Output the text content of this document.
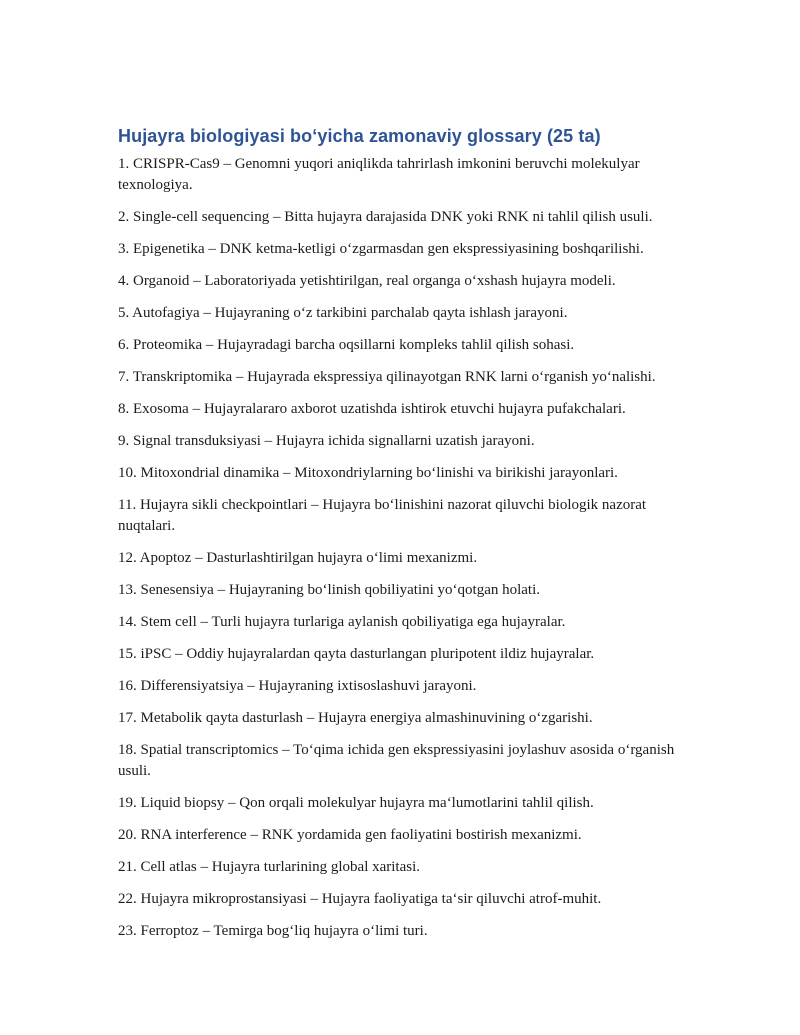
Hujayra biologiyasi bo‘yicha zamonaviy glossary (25 ta)

1. CRISPR-Cas9 – Genomni yuqori aniqlikda tahrirlash imkonini beruvchi molekulyar texnologiya.

2. Single-cell sequencing – Bitta hujayra darajasida DNK yoki RNK ni tahlil qilish usuli.

3. Epigenetika – DNK ketma-ketligi o‘zgarmasdan gen ekspressiyasining boshqarilishi.

4. Organoid – Laboratoriyada yetishtirilgan, real organga o‘xshash hujayra modeli.

5. Autofagiya – Hujayraning o‘z tarkibini parchalab qayta ishlash jarayoni.

6. Proteomika – Hujayradagi barcha oqsillarni kompleks tahlil qilish sohasi.

7. Transkriptomika – Hujayrada ekspressiya qilinayotgan RNK larni o‘rganish yo‘nalishi.

8. Exosoma – Hujayralararo axborot uzatishda ishtirok etuvchi hujayra pufakchalari.

9. Signal transduksiyasi – Hujayra ichida signallarni uzatish jarayoni.

10. Mitoxondrial dinamika – Mitoxondriylarning bo‘linishi va birikishi jarayonlari.

11. Hujayra sikli checkpointlari – Hujayra bo‘linishini nazorat qiluvchi biologik nazorat nuqtalari.

12. Apoptoz – Dasturlashtirilgan hujayra o‘limi mexanizmi.

13. Senesensiya – Hujayraning bo‘linish qobiliyatini yo‘qotgan holati.

14. Stem cell – Turli hujayra turlariga aylanish qobiliyatiga ega hujayralar.

15. iPSC – Oddiy hujayralardan qayta dasturlangan pluripotent ildiz hujayralar.

16. Differensiyatsiya – Hujayraning ixtisoslashuvi jarayoni.

17. Metabolik qayta dasturlash – Hujayra energiya almashinuvining o‘zgarishi.

18. Spatial transcriptomics – To‘qima ichida gen ekspressiyasini joylashuv asosida o‘rganish usuli.

19. Liquid biopsy – Qon orqali molekulyar hujayra ma‘lumotlarini tahlil qilish.

20. RNA interference – RNK yordamida gen faoliyatini bostirish mexanizmi.

21. Cell atlas – Hujayra turlarining global xaritasi.

22. Hujayra mikroprostansiyasi – Hujayra faoliyatiga ta‘sir qiluvchi atrof-muhit.

23. Ferroptoz – Temirga bog‘liq hujayra o‘limi turi.
